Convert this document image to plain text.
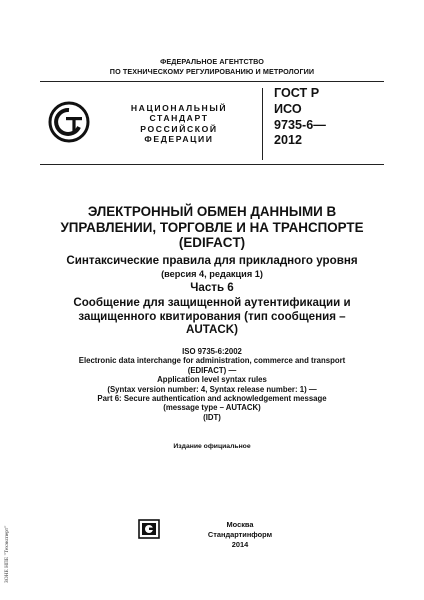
ФЕДЕРАЛЬНОЕ АГЕНТСТВО
ПО ТЕХНИЧЕСКОМУ РЕГУЛИРОВАНИЮ И МЕТРОЛОГИИ
НАЦИОНАЛЬНЫЙ
СТАНДАРТ
РОССИЙСКОЙ
ФЕДЕРАЦИИ
ГОСТ Р
ИСО
9735-6—
2012
ЭЛЕКТРОННЫЙ ОБМЕН ДАННЫМИ В
УПРАВЛЕНИИ, ТОРГОВЛЕ И НА ТРАНСПОРТЕ
(EDIFACT)
Синтаксические правила для прикладного уровня
(версия 4, редакция 1)
Часть 6
Сообщение для защищенной аутентификации и
защищенного квитирования (тип сообщения –
AUTACK)
ISO 9735-6:2002
Electronic data interchange for administration, commerce and transport
(EDIFACT) —
Application level syntax rules
(Syntax version number: 4, Syntax release number: 1) —
Part 6: Secure authentication and acknowledgement message
(message type – AUTACK)
(IDT)
Издание официальное
Москва
Стандартинформ
2014
ЗОНЕ НПЕ "Техэксперт"
